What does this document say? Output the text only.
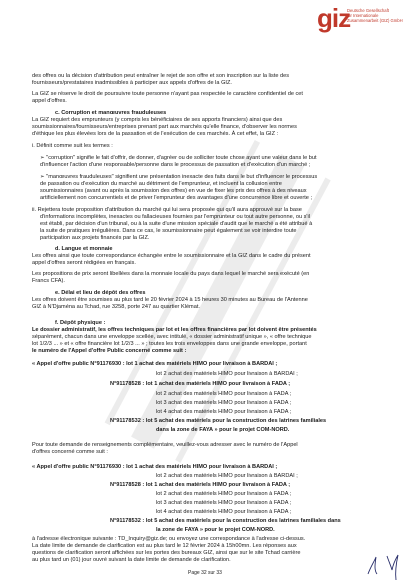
giz
Deutsche Gesellschaft
für Internationale
Zusammenarbeit (GIZ) GmbH
des offres ou la décision d'attribution peut entraîner le rejet de son offre et son inscription sur la liste des
fournisseurs/prestataires inadmissibles à participer aux appels d'offres de la GIZ.
La GIZ se réserve le droit de poursuivre toute personne n'ayant pas respectée le caractère confidentiel de cet
appel d'offres.
c. Corruption et manœuvres frauduleuses
La GIZ requiert des emprunteurs (y compris les bénéficiaires de ses apports financiers) ainsi que des
soumissionnaires/fournisseurs/entreprises prenant part aux marchés qu'elle finance, d'observer les normes
d'éthique les plus élevées lors de la passation et de l'exécution de ces marchés. À cet effet, la GIZ :
i. Définit comme suit les termes :
➢ "corruption" signifie le fait d'offrir, de donner, d'agréer ou de solliciter toute chose ayant une valeur dans le but
d'influencer l'action d'une responsable/personne dans le processus de passation et d'exécution d'un marché ;
➢ "manœuvres frauduleuses" signifient une présentation inexacte des faits dans le but d'influencer le processus
de passation ou d'exécution du marché au détriment de l'emprunteur, et incluent la collusion entre
soumissionnaires (avant ou après la soumission des offres) en vue de fixer les prix des offres à des niveaux
artificiellement non concurrentiels et de priver l'emprunteur des avantages d'une concurrence libre et ouverte ;
ii. Rejettera toute proposition d'attribution du marché qui lui sera proposée qui qu'il aura approuvé sur la base
d'informations incomplètes, inexactes ou fallacieuses fournies par l'emprunteur ou tout autre personne, ou s'il
est établi, par décision d'un tribunal, ou à la suite d'une mission spéciale d'audit que le marché a été attribué à
la suite de pratiques irrégulières. Dans ce cas, le soumissionnaire peut également se voir interdire toute
participation aux projets financés par la GIZ.
d. Langue et monnaie
Les offres ainsi que toute correspondance échangée entre le soumissionnaire et la GIZ dans le cadre du présent
appel d'offres seront rédigées en français.
Les propositions de prix seront libellées dans la monnaie locale du pays dans lequel le marché sera exécuté (en
Francs CFA).
e. Délai et lieu de dépôt des offres
Les offres doivent être soumises au plus tard le 20 février 2024 à 15 heures 30 minutes au Bureau de l'Antenne
GIZ à N'Djaména au Tchad, rue 3258, porte 247 au quartier Klémat.
f. Dépôt physique :
Le dossier administratif, les offres techniques par lot et les offres financières par lot doivent être présentés
séparément, chacun dans une enveloppe scellée, avec intitulé, « dossier administratif unique », « offre technique
lot 1/2/3 ... » et « offre financière lot 1/2/3 ... » ; toutes les trois enveloppes dans une grande enveloppe, portant
le numéro de l'Appel d'offre Public concerné comme suit :
« Appel d'offre public N°91176930 : lot 1 achat des matériels HIMO pour livraison à BARDAI ;
lot 2 achat des matériels HIMO pour livraison à BARDAI ;
N°91178528 : lot 1 achat des matériels HIMO pour livraison à FADA ;
lot 2 achat des matériels HIMO pour livraison à FADA ;
lot 3 achat des matériels HIMO pour livraison à FADA ;
lot 4 achat des matériels HIMO pour livraison à FADA ;
N°91178532 : lot 5 achat des matériels pour la construction des latrines familiales
dans la zone de FAYA » pour le projet COM-NORD.
Pour toute demande de renseignements complémentaire, veuillez-vous adresser avec le numéro de l'Appel
d'offres concerné comme suit :
« Appel d'offre public N°91176930 : lot 1 achat des matériels HIMO pour livraison à BARDAI ;
lot 2 achat des matériels HIMO pour livraison à BARDAI ;
N°91178528 : lot 1 achat des matériels HIMO pour livraison à FADA ;
lot 2 achat des matériels HIMO pour livraison à FADA ;
lot 3 achat des matériels HIMO pour livraison à FADA ;
lot 4 achat des matériels HIMO pour livraison à FADA ;
N°91178532 : lot 5 achat des matériels pour la construction des latrines familiales dans
la zone de FAYA » pour le projet COM-NORD.
à l'adresse électronique suivante : TD_Inquiry@giz.de; ou envoyez une correspondance à l'adresse ci-dessus.
La date limite de demande de clarification est au plus tard le 12 février 2024 à 15h00mn. Les réponses aux
questions de clarification seront affichées sur les portes des bureaux GIZ, ainsi que sur le site Tchad carrière
au plus tard un (01) jour ouvré suivant la date limite de demande de clarification.
Page 32 sur 33
